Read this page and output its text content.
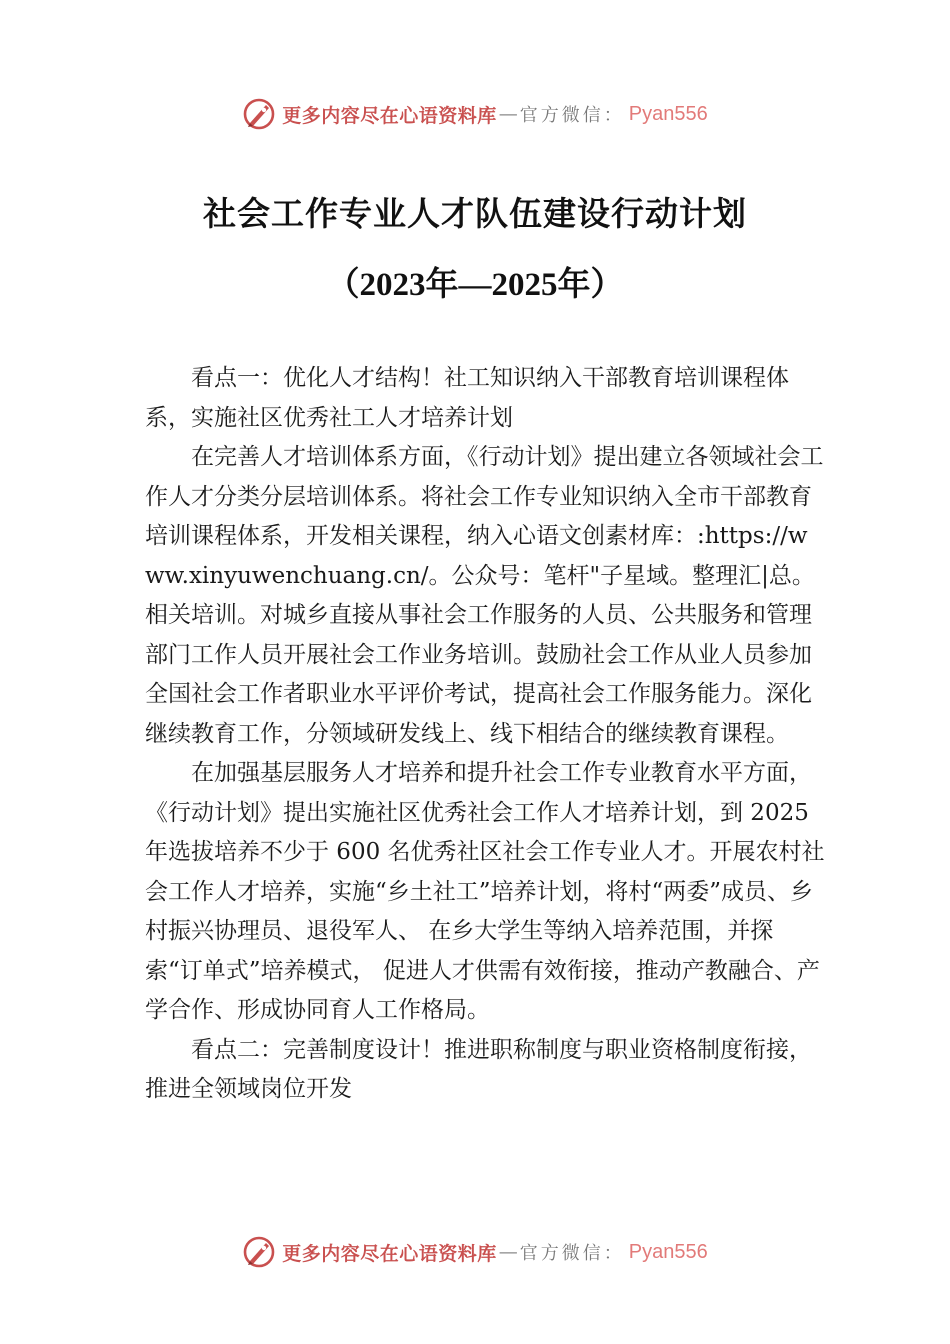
更多内容尽在心语资料库 — 官方微信： Pyan556
社会工作专业人才队伍建设行动计划
（2023年—2025年）

看点一：优化人才结构！社工知识纳入干部教育培训课程体系，实施社区优秀社工人才培养计划

在完善人才培训体系方面，《行动计划》提出建立各领域社会工作人才分类分层培训体系。将社会工作专业知识纳入全市干部教育培训课程体系，开发相关课程，纳入心语文创素材库：:https://www.xinyuwenchuang.cn/。公众号：笔杆"子星域。整理汇|总。相关培训。对城乡直接从事社会工作服务的人员、公共服务和管理部门工作人员开展社会工作业务培训。鼓励社会工作从业人员参加全国社会工作者职业水平评价考试，提高社会工作服务能力。深化继续教育工作，分领域研发线上、线下相结合的继续教育课程。

在加强基层服务人才培养和提升社会工作专业教育水平方面，《行动计划》提出实施社区优秀社会工作人才培养计划，到 2025 年选拔培养不少于 600 名优秀社区社会工作专业人才。开展农村社会工作人才培养，实施“乡土社工”培养计划，将村“两委”成员、乡村振兴协理员、退役军人、 在乡大学生等纳入培养范围，并探索“订单式”培养模式， 促进人才供需有效衔接，推动产教融合、产学合作、形成协同育人工作格局。

看点二：完善制度设计！推进职称制度与职业资格制度衔接，推进全领域岗位开发

更多内容尽在心语资料库 — 官方微信： Pyan556
